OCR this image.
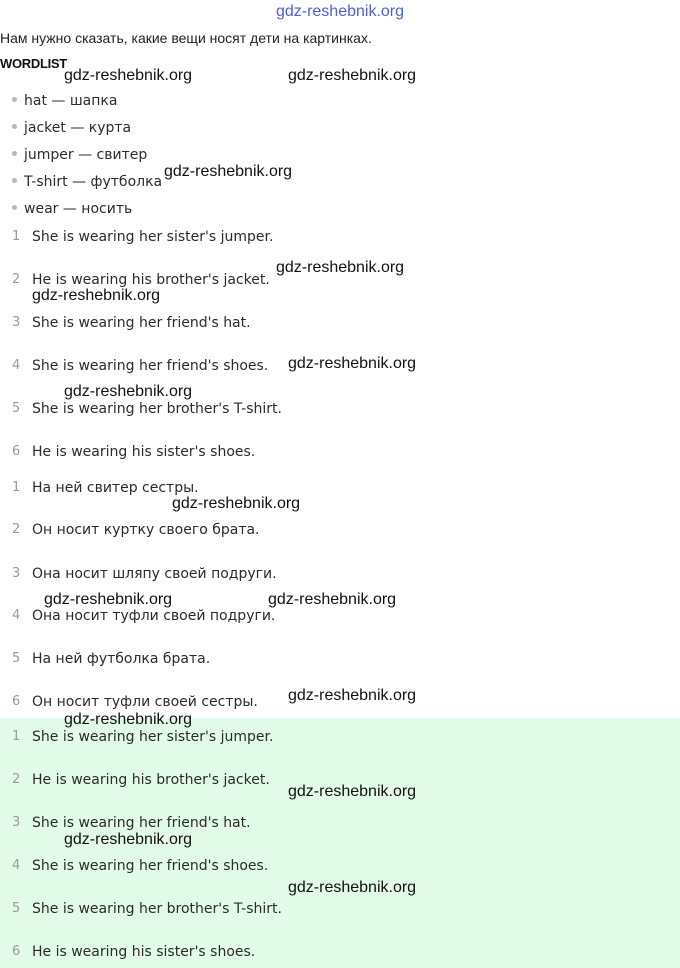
gdz-reshebnik.org
Нам нужно сказать, какие вещи носят дети на картинках.
WORDLIST
hat — шапка
jacket — курта
jumper — свитер
T-shirt — футболка
wear — носить
1 She is wearing her sister's jumper.
2 He is wearing his brother's jacket.
3 She is wearing her friend's hat.
4 She is wearing her friend's shoes.
5 She is wearing her brother's T-shirt.
6 He is wearing his sister's shoes.
1 На ней свитер сестры.
2 Он носит куртку своего брата.
3 Она носит шляпу своей подруги.
4 Она носит туфли своей подруги.
5 На ней футболка брата.
6 Он носит туфли своей сестры.
1 She is wearing her sister's jumper.
2 He is wearing his brother's jacket.
3 She is wearing her friend's hat.
4 She is wearing her friend's shoes.
5 She is wearing her brother's T-shirt.
6 He is wearing his sister's shoes.
gdz-reshebnik.org	gdz-reshebnik.org
gdz-reshebnik.org
gdz-reshebnik.org
gdz-reshebnik.org
gdz-reshebnik.org
gdz-reshebnik.org
gdz-reshebnik.org
gdz-reshebnik.org	gdz-reshebnik.org
gdz-reshebnik.org
gdz-reshebnik.org
gdz-reshebnik.org
gdz-reshebnik.org
gdz-reshebnik.org
